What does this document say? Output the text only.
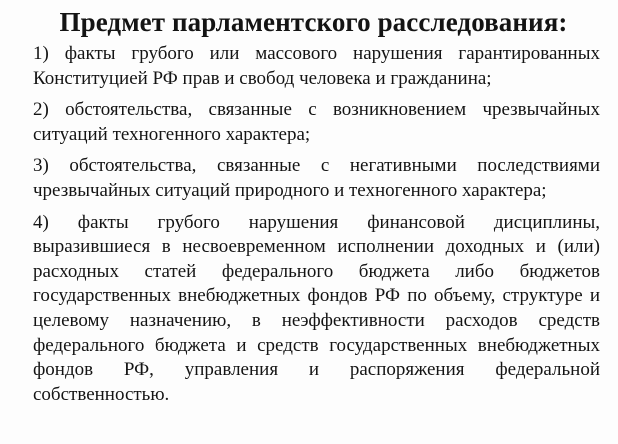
Предмет парламентского расследования:

1) факты грубого или массового нарушения гарантированных Конституцией РФ прав и свобод человека и гражданина;

2) обстоятельства, связанные с возникновением чрезвычайных ситуаций техногенного характера;

3) обстоятельства, связанные с негативными последствиями чрезвычайных ситуаций природного и техногенного характера;

4) факты грубого нарушения финансовой дисциплины, выразившиеся в несвоевременном исполнении доходных и (или) расходных статей федерального бюджета либо бюджетов государственных внебюджетных фондов РФ по объему, структуре и целевому назначению, в неэффективности расходов средств федерального бюджета и средств государственных внебюджетных фондов РФ, управления и распоряжения федеральной собственностью.
